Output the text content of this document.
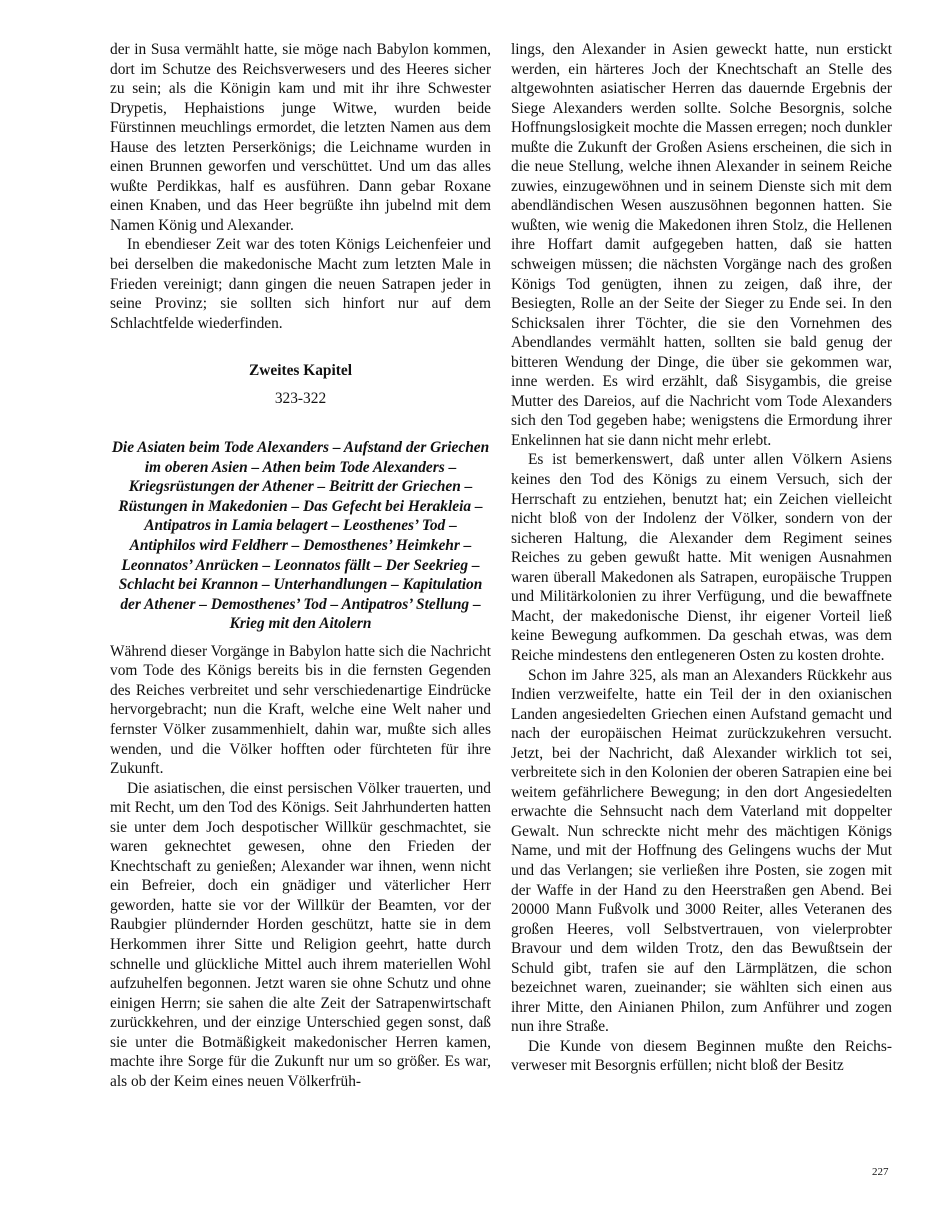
der in Susa vermählt hatte, sie möge nach Babylon kommen, dort im Schutze des Reichsverwesers und des Heeres sicher zu sein; als die Königin kam und mit ihr ihre Schwester Drypetis, Hephaistions junge Witwe, wurden beide Fürstinnen meuchlings ermordet, die letzten Namen aus dem Hause des letzten Perserkönigs; die Leichname wurden in einen Brunnen geworfen und verschüttet. Und um das alles wußte Perdikkas, half es ausführen. Dann gebar Roxane einen Knaben, und das Heer begrüßte ihn jubelnd mit dem Namen König und Alexander.

In ebendieser Zeit war des toten Königs Leichenfeier und bei derselben die makedonische Macht zum letzten Male in Frieden vereinigt; dann gingen die neuen Satrapen jeder in seine Provinz; sie sollten sich hinfort nur auf dem Schlachtfelde wiederfinden.

Zweites Kapitel
323-322
Die Asiaten beim Tode Alexanders – Aufstand der Griechen im oberen Asien – Athen beim Tode Alexanders – Kriegsrüstungen der Athener – Beitritt der Griechen – Rüstungen in Makedonien – Das Gefecht bei Herakleia – Antipatros in Lamia belagert – Leosthenes’ Tod – Antiphilos wird Feldherr – Demosthenes’ Heimkehr – Leonnatos’ Anrücken – Leonnatos fällt – Der Seekrieg – Schlacht bei Krannon – Unterhandlungen – Kapitulation der Athener – Demosthenes’ Tod – Antipatros’ Stellung – Krieg mit den Aitolern

Während dieser Vorgänge in Babylon hatte sich die Nachricht vom Tode des Königs bereits bis in die fernsten Gegenden des Reiches verbreitet und sehr verschiedenartige Eindrücke hervorgebracht; nun die Kraft, welche eine Welt naher und fernster Völker zusammenhielt, dahin war, mußte sich alles wenden, und die Völker hofften oder fürchteten für ihre Zukunft.

Die asiatischen, die einst persischen Völker trauerten, und mit Recht, um den Tod des Königs. Seit Jahrhunderten hatten sie unter dem Joch despotischer Willkür geschmachtet, sie waren geknechtet gewesen, ohne den Frieden der Knechtschaft zu genießen; Alexander war ihnen, wenn nicht ein Befreier, doch ein gnädiger und väterlicher Herr geworden, hatte sie vor der Willkür der Beamten, vor der Raubgier plündernder Horden geschützt, hatte sie in dem Herkommen ihrer Sitte und Religion geehrt, hatte durch schnelle und glückliche Mittel auch ihrem materiellen Wohl aufzuhelfen begonnen. Jetzt waren sie ohne Schutz und ohne einigen Herrn; sie sahen die alte Zeit der Satrapenwirtschaft zurückkehren, und der einzige Unterschied gegen sonst, daß sie unter die Botmäßigkeit makedonischer Herren kamen, machte ihre Sorge für die Zukunft nur um so größer. Es war, als ob der Keim eines neuen Völkerfrüh-

lings, den Alexander in Asien geweckt hatte, nun erstickt werden, ein härteres Joch der Knechtschaft an Stelle des altgewohnten asiatischer Herren das dauernde Ergebnis der Siege Alexanders werden sollte. Solche Besorgnis, solche Hoffnungslosigkeit mochte die Massen erregen; noch dunkler mußte die Zukunft der Großen Asiens erscheinen, die sich in die neue Stellung, welche ihnen Alexander in seinem Reiche zuwies, einzugewöhnen und in seinem Dienste sich mit dem abendländischen Wesen auszusöhnen begonnen hatten. Sie wußten, wie wenig die Makedonen ihren Stolz, die Hellenen ihre Hoffart damit aufgegeben hatten, daß sie hatten schweigen müssen; die nächsten Vorgänge nach des großen Königs Tod genügten, ihnen zu zeigen, daß ihre, der Besiegten, Rolle an der Seite der Sieger zu Ende sei. In den Schicksalen ihrer Töchter, die sie den Vornehmen des Abendlandes vermählt hatten, sollten sie bald genug der bitteren Wendung der Dinge, die über sie gekommen war, inne werden. Es wird erzählt, daß Sisygambis, die greise Mutter des Dareios, auf die Nachricht vom Tode Alexanders sich den Tod gegeben habe; wenigstens die Ermordung ihrer Enkelinnen hat sie dann nicht mehr erlebt.

Es ist bemerkenswert, daß unter allen Völkern Asiens keines den Tod des Königs zu einem Versuch, sich der Herrschaft zu entziehen, benutzt hat; ein Zeichen vielleicht nicht bloß von der Indolenz der Völker, sondern von der sicheren Haltung, die Alexander dem Regiment seines Reiches zu geben gewußt hatte. Mit wenigen Ausnahmen waren überall Makedonen als Satrapen, europäische Truppen und Militärkolonien zu ihrer Verfügung, und die bewaffnete Macht, der makedonische Dienst, ihr eigener Vorteil ließ keine Bewegung aufkommen. Da geschah etwas, was dem Reiche mindestens den entlegeneren Osten zu kosten drohte.

Schon im Jahre 325, als man an Alexanders Rückkehr aus Indien verzweifelte, hatte ein Teil der in den oxianischen Landen angesiedelten Griechen einen Aufstand gemacht und nach der europäischen Heimat zurückzukehren versucht. Jetzt, bei der Nachricht, daß Alexander wirklich tot sei, verbreitete sich in den Kolonien der oberen Satrapien eine bei weitem gefährlichere Bewegung; in den dort Angesiedelten erwachte die Sehnsucht nach dem Vaterland mit doppelter Gewalt. Nun schreckte nicht mehr des mächtigen Königs Name, und mit der Hoffnung des Gelingens wuchs der Mut und das Verlangen; sie verließen ihre Posten, sie zogen mit der Waffe in der Hand zu den Heerstraßen gen Abend. Bei 20000 Mann Fußvolk und 3000 Reiter, alles Veteranen des großen Heeres, voll Selbstvertrauen, von vielerprobter Bravour und dem wilden Trotz, den das Bewußtsein der Schuld gibt, trafen sie auf den Lärmplätzen, die schon bezeichnet waren, zueinander; sie wählten sich einen aus ihrer Mitte, den Ainianen Philon, zum Anführer und zogen nun ihre Straße.

Die Kunde von diesem Beginnen mußte den Reichsverweser mit Besorgnis erfüllen; nicht bloß der Besitz

227
